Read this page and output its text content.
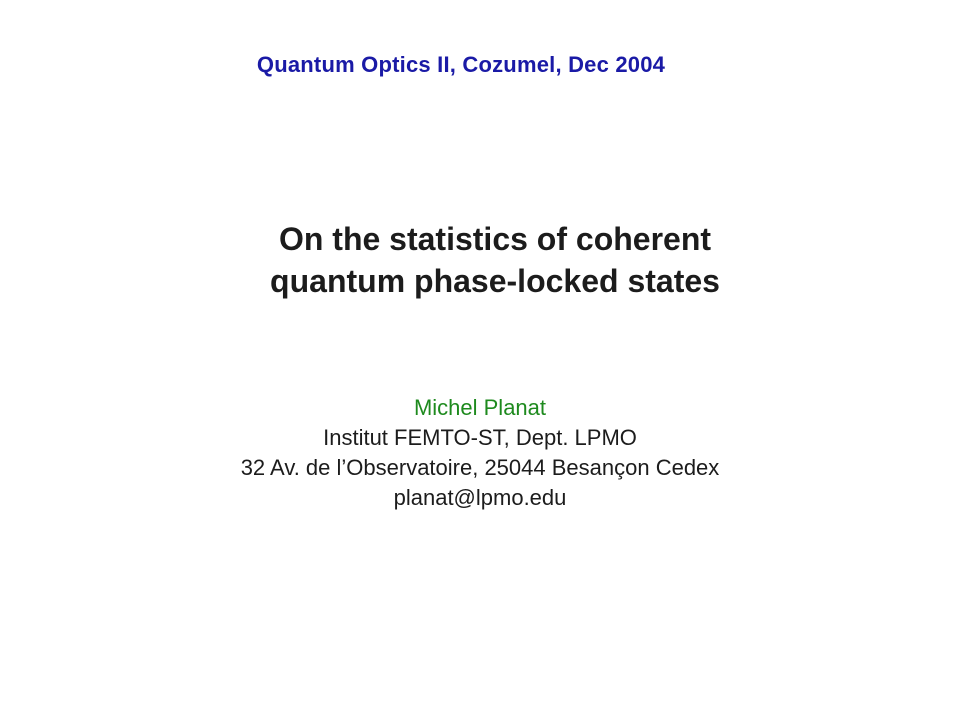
Quantum Optics II, Cozumel, Dec 2004
On the statistics of coherent
quantum phase-locked states
Michel Planat
Institut FEMTO-ST, Dept. LPMO
32 Av. de l’Observatoire, 25044 Besançon Cedex
planat@lpmo.edu
